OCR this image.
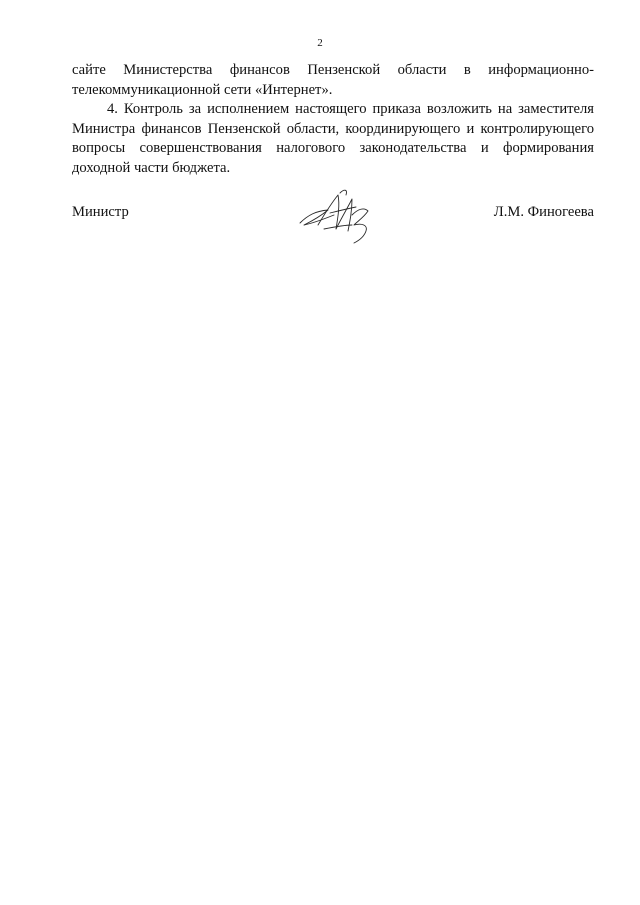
2

сайте Министерства финансов Пензенской области в информационно-телекоммуникационной сети «Интернет».

4. Контроль за исполнением настоящего приказа возложить на заместителя Министра финансов Пензенской области, координирующего и контролирующего вопросы совершенствования налогового законодательства и формирования доходной части бюджета.

Министр	Л.М. Финогеева
